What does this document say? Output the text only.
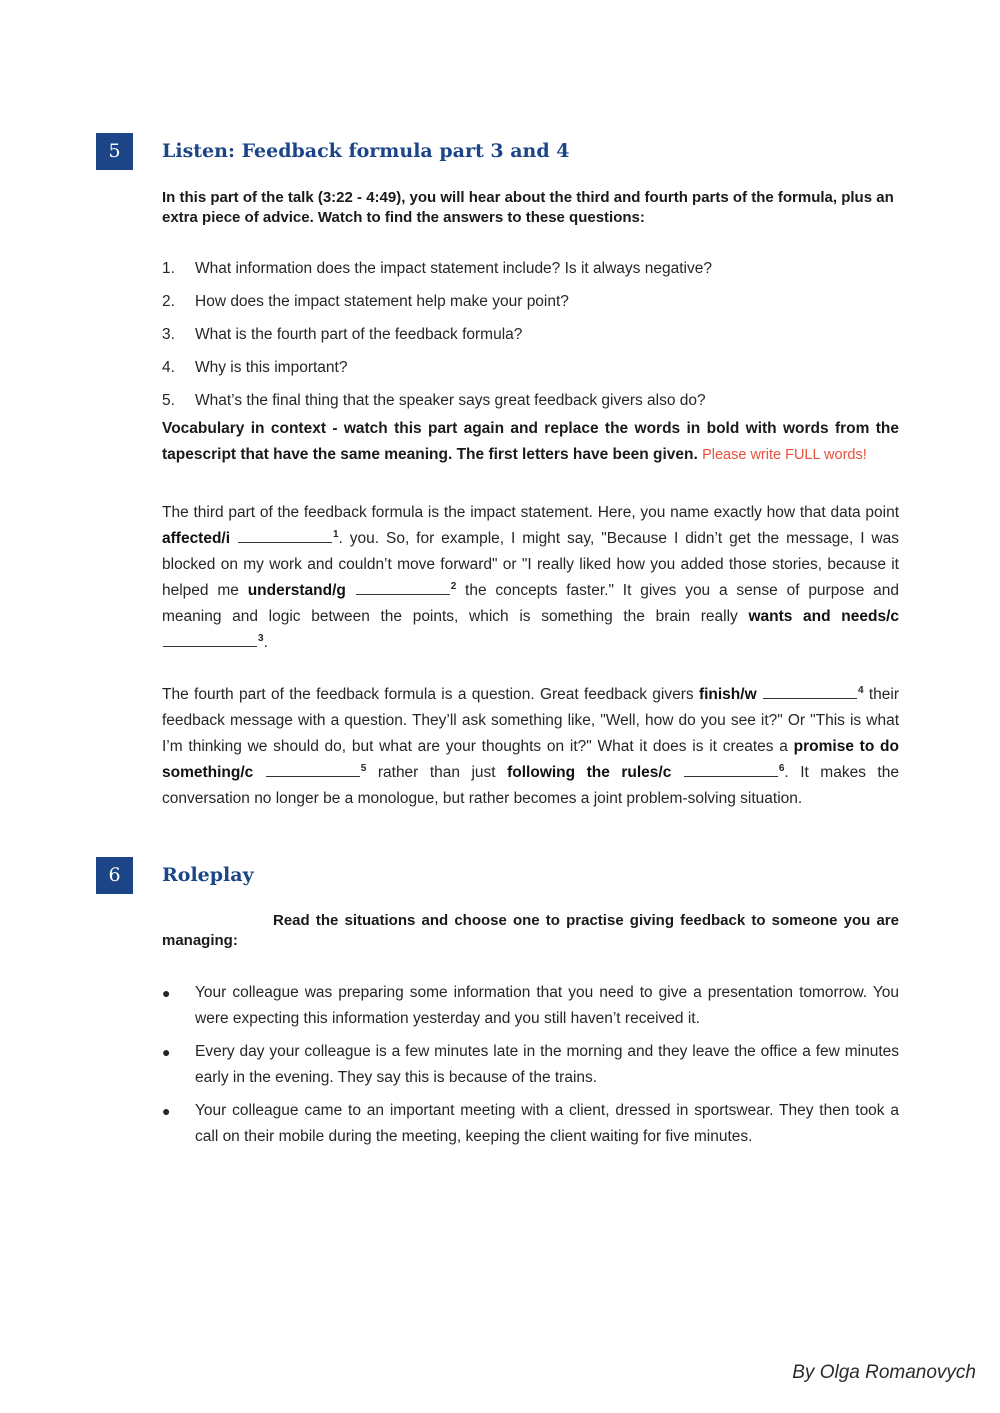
5	Listen: Feedback formula part 3 and 4
In this part of the talk (3:22 - 4:49), you will hear about the third and fourth parts of the formula, plus an extra piece of advice. Watch to find the answers to these questions:
1. What information does the impact statement include? Is it always negative?
2. How does the impact statement help make your point?
3. What is the fourth part of the feedback formula?
4. Why is this important?
5. What’s the final thing that the speaker says great feedback givers also do?
Vocabulary in context - watch this part again and replace the words in bold with words from the tapescript that have the same meaning. The first letters have been given. Please write FULL words!
The third part of the feedback formula is the impact statement. Here, you name exactly how that data point affected/i	$^1$. you. So, for example, I might say, "Because I didn’t get the message, I was blocked on my work and couldn’t move forward" or "I really liked how you added those stories, because it helped me understand/g	$^2$ the concepts faster." It gives you a sense of purpose and meaning and logic between the points, which is something the brain really wants and needs/c $^3$.
The fourth part of the feedback formula is a question. Great feedback givers finish/w	$^4$ their feedback message with a question. They’ll ask something like, "Well, how do you see it?" Or "This is what I’m thinking we should do, but what are your thoughts on it?" What it does is it creates a promise to do something/c	$^5$ rather than just following the rules/c	$^6$. It makes the conversation no longer be a monologue, but rather becomes a joint problem-solving situation.
6	Roleplay
Read the situations and choose one to practise giving feedback to someone you are managing:
● Your colleague was preparing some information that you need to give a presentation tomorrow. You were expecting this information yesterday and you still haven’t received it.
● Every day your colleague is a few minutes late in the morning and they leave the office a few minutes early in the evening. They say this is because of the trains.
● Your colleague came to an important meeting with a client, dressed in sportswear. They then took a call on their mobile during the meeting, keeping the client waiting for five minutes.
By Olga Romanovych
